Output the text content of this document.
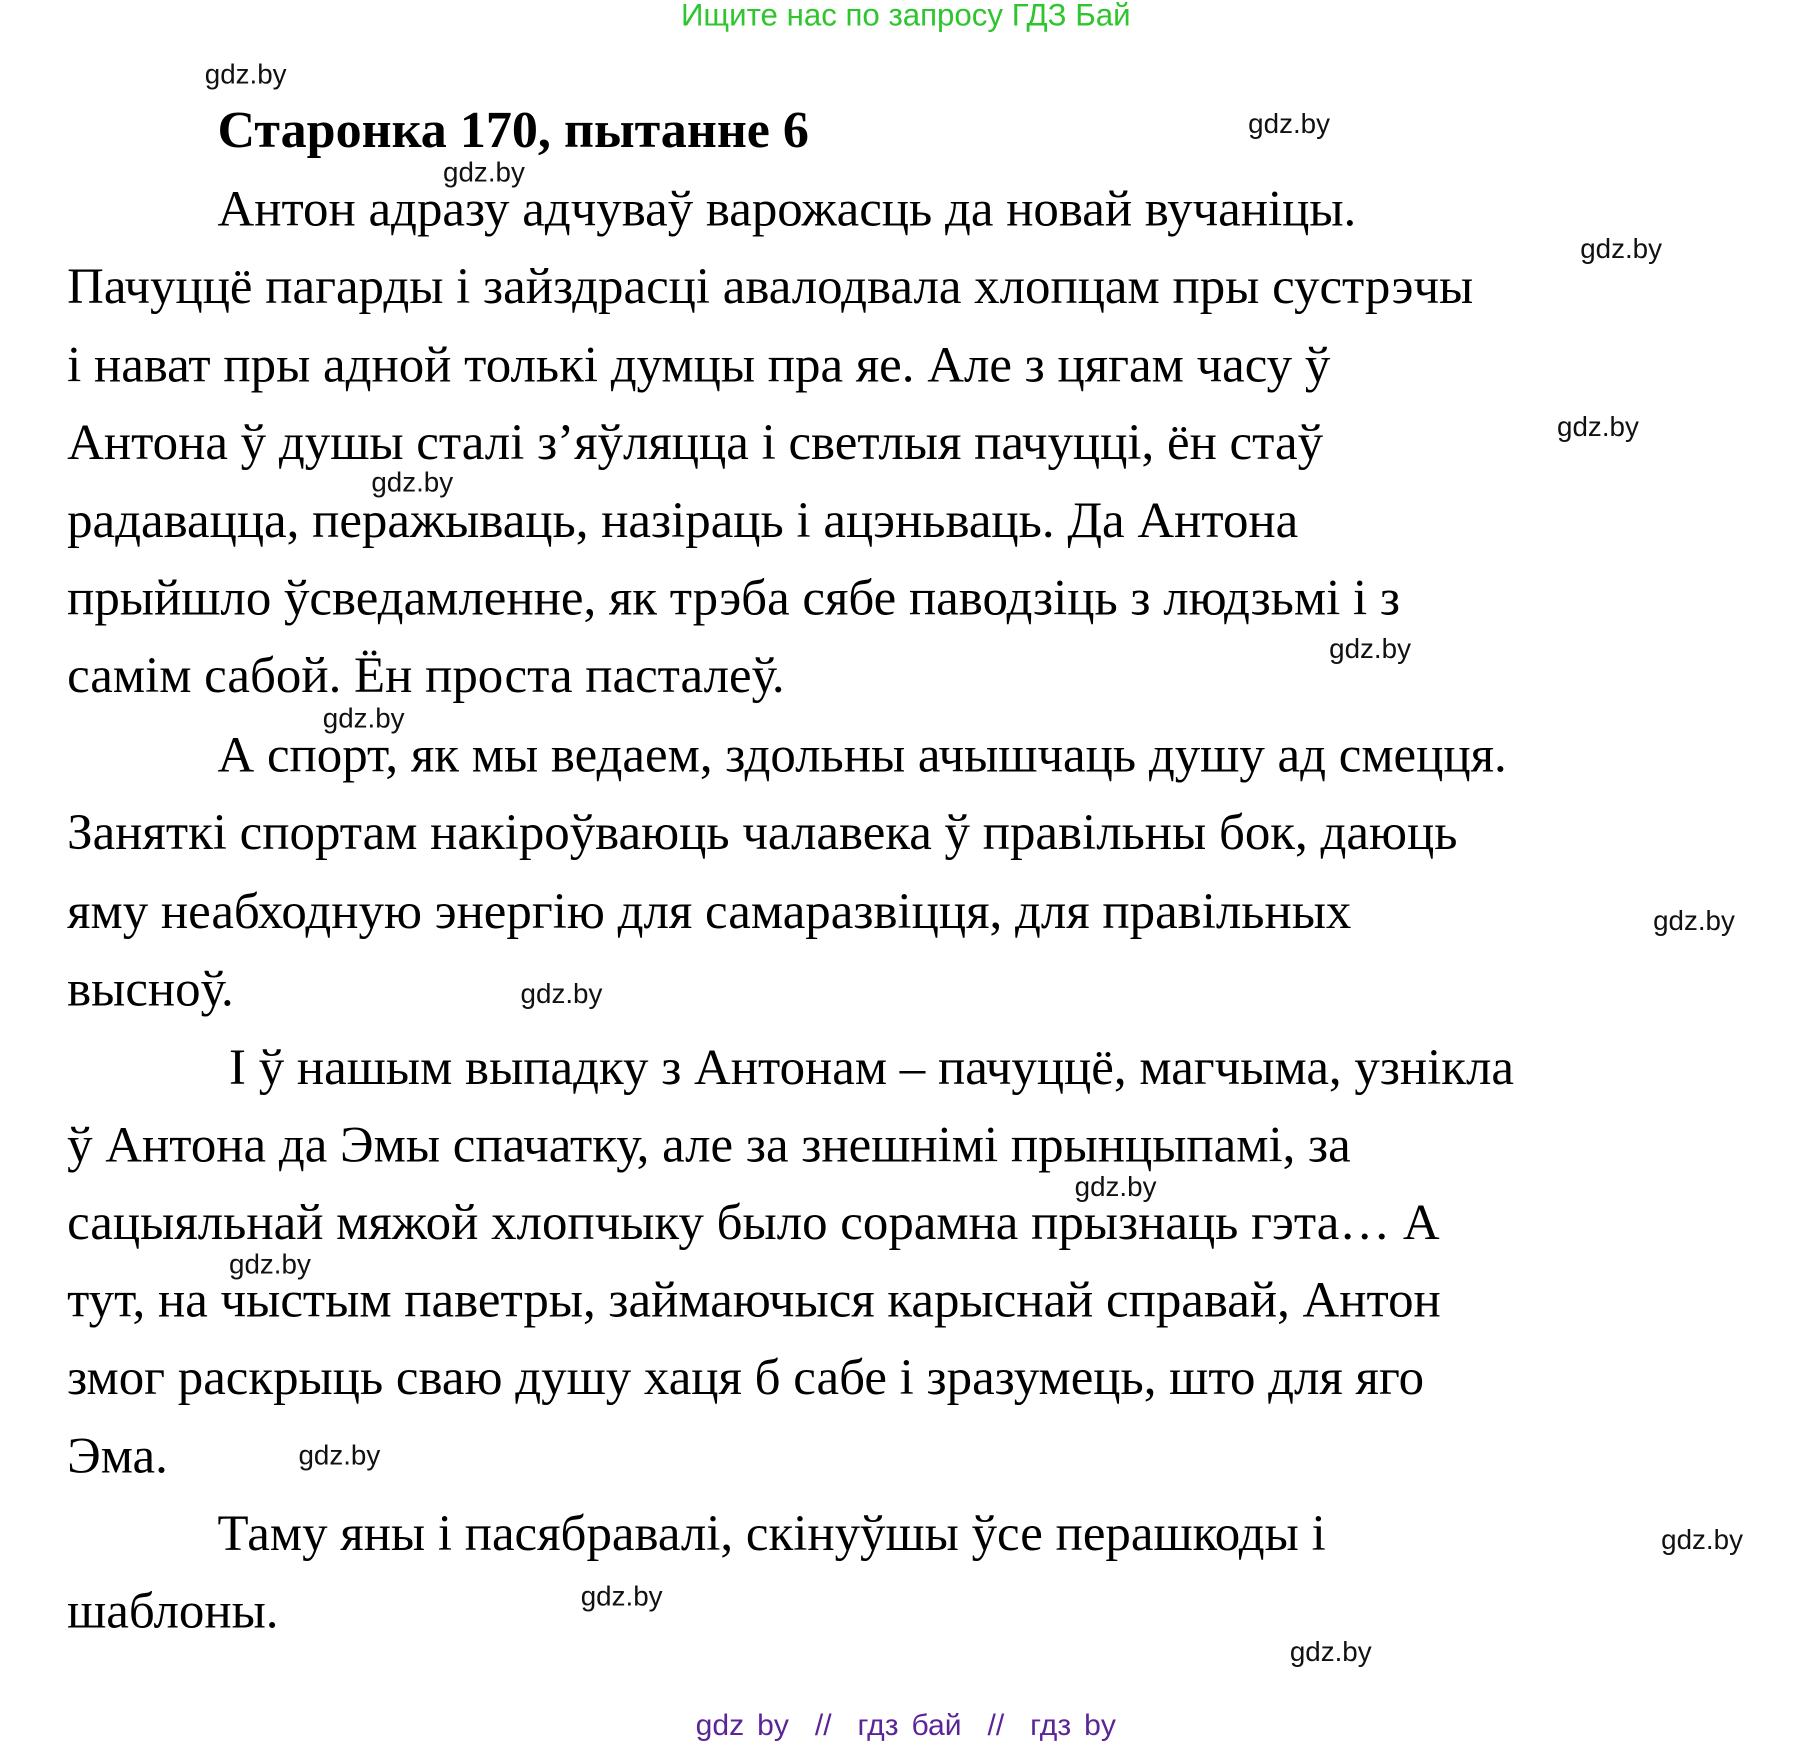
Ищите нас по запросу ГДЗ Бай
Старонка 170, пытанне 6
Антон адразу адчуваў варожасць да новай вучаніцы.
Пачуццё пагарды і зайздрасці авалодвала хлопцам пры сустрэчы
і нават пры адной толькі думцы пра яе. Але з цягам часу ў
Антона ў душы сталі з’яўляцца і светлыя пачуцці, ён стаў
радавацца, перажываць, назіраць і ацэньваць. Да Антона
прыйшло ўсведамленне, як трэба сябе паводзіць з людзьмі і з
самім сабой. Ён проста пасталеў.
А спорт, як мы ведаем, здольны ачышчаць душу ад смецця.
Заняткі спортам накіроўваюць чалавека ў правільны бок, даюць
яму неабходную энергію для самаразвіцця, для правільных
высноў.
І ў нашым выпадку з Антонам – пачуццё, магчыма, узнікла
ў Антона да Эмы спачатку, але за знешнімі прынцыпамі, за
сацыяльнай мяжой хлопчыку было сорамна прызнаць гэта… А
тут, на чыстым паветры, займаючыся карыснай справай, Антон
змог раскрыць сваю душу хаця б сабе і зразумець, што для яго
Эма.
Таму яны і пасябравалі, скінуўшы ўсе перашкоды і
шаблоны.
gdz.by
gdz.by
gdz.by
gdz.by
gdz.by
gdz.by
gdz.by
gdz.by
gdz.by
gdz.by
gdz.by
gdz.by
gdz.by
gdz.by
gdz.by
gdz.by
gdz by  //  гдз бай  //  гдз by
